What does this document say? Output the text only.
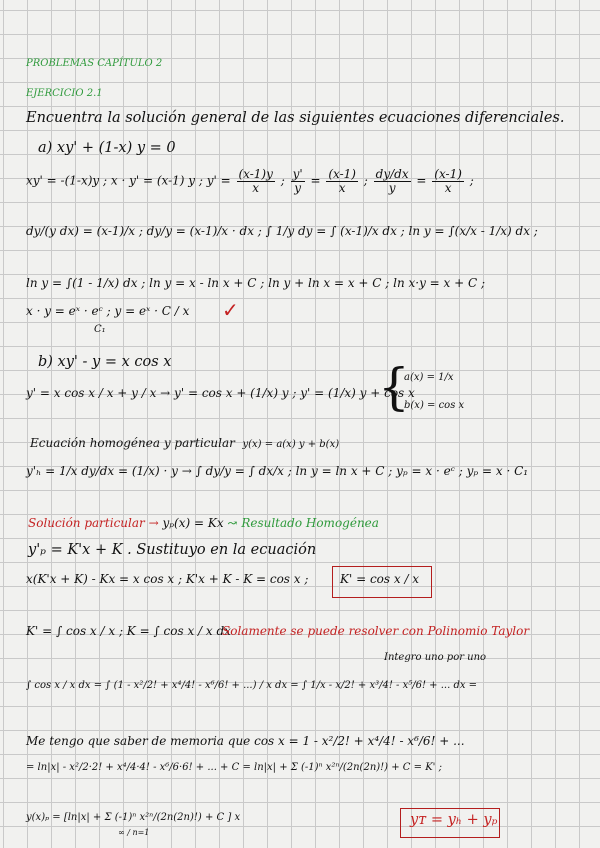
PROBLEMAS CAPÍTULO 2
EJERCICIO 2.1
Encuentra la solución general de las siguientes ecuaciones diferenciales.
a) xy' + (1-x) y = 0
xy' = -(1-x)y ; x · y' = (x-1) y ; $y' = \frac{(x-1)y}{x}$ ; $\frac{y'}{y} = \frac{(x-1)}{x}$ ; $\frac{dy/dx}{y} = \frac{(x-1)}{x}$ ;
dy/(y dx) = (x-1)/x ; dy/y = (x-1)/x · dx ; ∫ 1/y dy = ∫ (x-1)/x dx ; ln y = ∫(x/x - 1/x) dx ;
ln y = ∫(1 - 1/x) dx ; ln y = x - ln x + C ; ln y + ln x = x + C ; ln x·y = x + C ;
x · y = eˣ · eᶜ ; y = eˣ · C / x
C₁
✓
b) xy' - y = x cos x
y' = x cos x / x + y / x → y' = cos x + (1/x) y ; y' = (1/x) y + cos x
{
a(x) = 1/x
b(x) = cos x
Ecuación homogénea y particular y(x) = a(x) y + b(x)
y'ₕ = 1/x dy/dx = (1/x) · y → ∫ dy/y = ∫ dx/x ; ln y = ln x + C ; yₚ = x · eᶜ ; yₚ = x · C₁
Solución particular → yₚ(x) = Kx ↝ Resultado Homogénea
y'ₚ = K'x + K . Sustituyo en la ecuación
x(K'x + K) - Kx = x cos x ; K'x + K - K = cos x ;	K' = cos x / x
K' = ∫ cos x / x ; K = ∫ cos x / x dx
Solamente se puede resolver con Polinomio Taylor
Integro uno por uno
∫ cos x / x dx = ∫ (1 - x²/2! + x⁴/4! - x⁶/6! + ...) / x dx = ∫ 1/x - x/2! + x³/4! - x⁵/6! + ... dx =
Me tengo que saber de memoria que cos x = 1 - x²/2! + x⁴/4! - x⁶/6! + ...
= ln|x| - x²/2·2! + x⁴/4·4! - x⁶/6·6! + ... + C = ln|x| + Σ (-1)ⁿ x²ⁿ/(2n(2n)!) + C = K' ;
y(x)ₚ = [ln|x| + Σ (-1)ⁿ x²ⁿ/(2n(2n)!) + C ] x
∞ / n=1
yᴛ = yₕ + yₚ
